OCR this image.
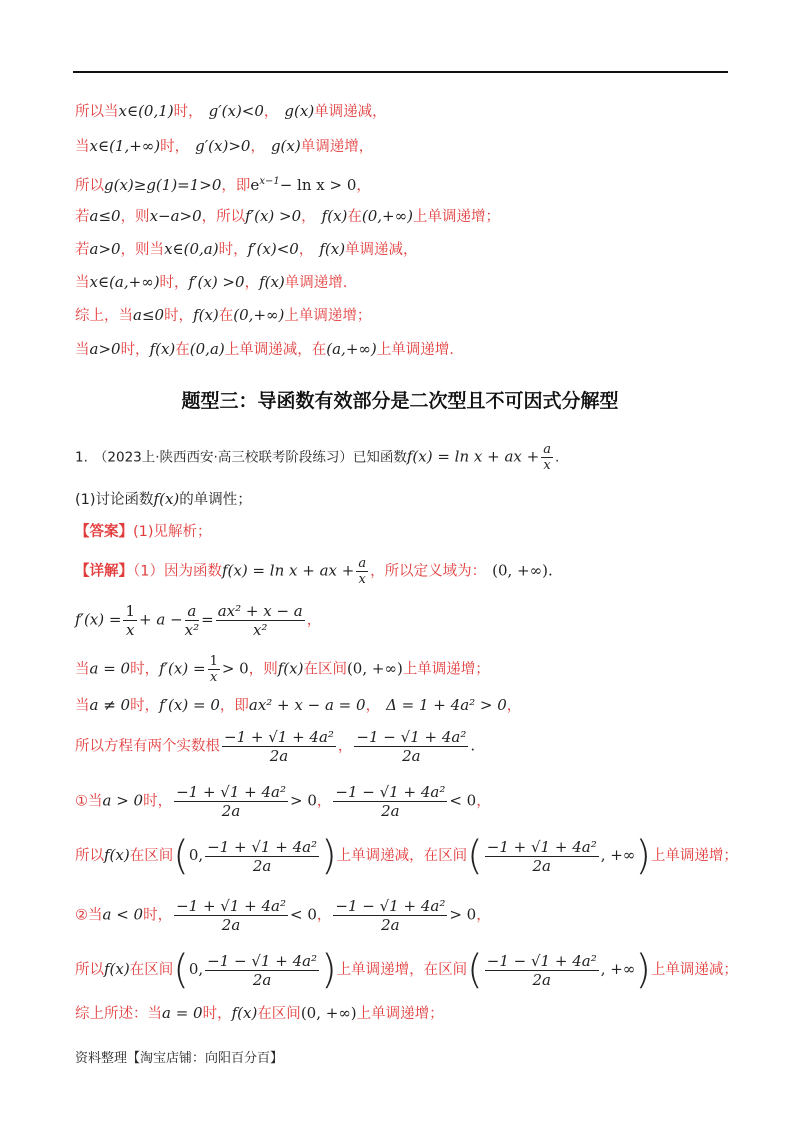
所以当x∈(0,1)时， g′(x)<0， g(x)单调递减，
当x∈(1,+∞)时， g′(x)>0， g(x)单调递增，
所以g(x)≥g(1)=1>0，即$e^{x-1}- \ln x > 0$，
若a≤0，则x−a>0，所以f′(x) >0， f(x)在(0,+∞)上单调递增；
若a>0，则当x∈(0,a)时，f′(x)<0， f(x)单调递减，
当x∈(a,+∞)时，f′(x) >0，f(x)单调递增.
综上，当a≤0时，f(x)在(0,+∞)上单调递增；
当a>0时，f(x)在(0,a)上单调递减，在(a,+∞)上单调递增.
题型三：导函数有效部分是二次型且不可因式分解型
1. （2023上·陕西西安·高三校联考阶段练习）已知函数f(x) = ln x + ax + $\frac{a}{x}$ .
(1)讨论函数f(x)的单调性；
【答案】(1)见解析；
【详解】（1）因为函数f(x) = ln x + ax + $\frac{a}{x}$ ，所以定义域为： (0, +∞).
$f'(x) = \frac{1}{x} + a - \frac{a}{\text{x²}} = \frac{\text{ax² + x − a}}{\text{x²}}$ ，
当a = 0时，$f'(x) = \frac{1}{x} > 0$，则f(x)在区间(0, +∞)上单调递增；
当a ≠ 0时，f′(x) = 0，即ax² + x − a = 0， Δ = 1 + 4a² > 0，
所以方程有两个实数根 $\frac{\text{−1 + √1 + 4a²}}{2a}$ ， $\frac{\text{−1 − √1 + 4a²}}{2a}$ .
①当a > 0时， $\frac{\text{−1 + √1 + 4a²}}{2a} > 0$， $\frac{\text{−1 − √1 + 4a²}}{2a} < 0$，
所以f(x)在区间(0, $\frac{\text{−1 + √1 + 4a²}}{2a}$ )上单调递减，在区间( $\frac{\text{−1 + √1 + 4a²}}{2a}$ , +∞)上单调递增；
②当a < 0时， $\frac{\text{−1 + √1 + 4a²}}{2a} < 0$， $\frac{\text{−1 − √1 + 4a²}}{2a} > 0$，
所以f(x)在区间(0, $\frac{\text{−1 − √1 + 4a²}}{2a}$ )上单调递增，在区间( $\frac{\text{−1 − √1 + 4a²}}{2a}$ , +∞)上单调递减；
综上所述：当a = 0时，f(x)在区间(0, +∞)上单调递增；
资料整理【淘宝店铺：向阳百分百】
